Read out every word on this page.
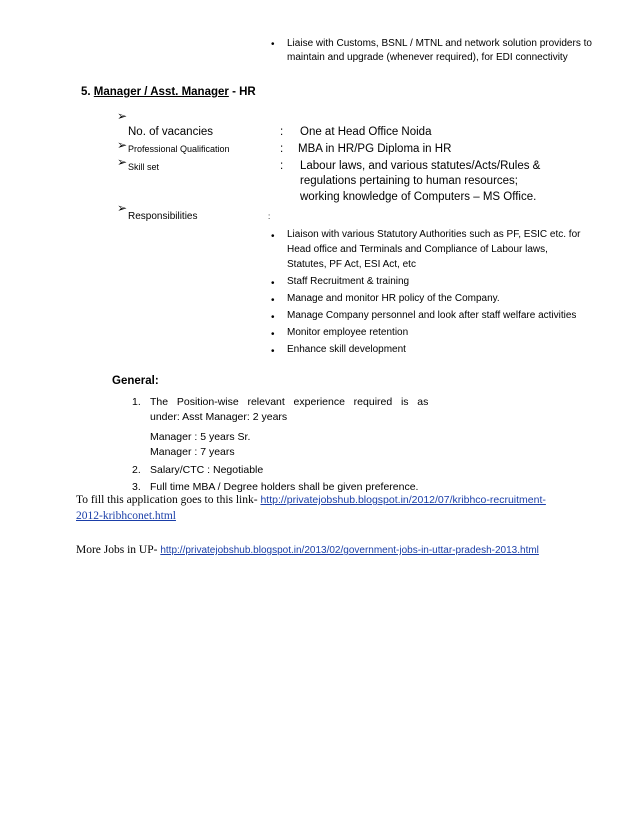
• Liaise with Customs, BSNL / MTNL and network solution providers to
maintain and upgrade (whenever required), for EDI connectivity
5. Manager / Asst. Manager - HR
➢
No. of vacancies	: One at Head Office Noida
➢ Professional Qualification	: MBA in HR/PG Diploma in HR
➢ Skill set	: Labour laws, and various statutes/Acts/Rules &
regulations pertaining to human resources;
working knowledge of Computers – MS Office.
➢
Responsibilities	:
• Liaison with various Statutory Authorities such as PF, ESIC etc. for
Head office and Terminals and Compliance of Labour laws,
Statutes, PF Act, ESI Act, etc
• Staff Recruitment & training
• Manage and monitor HR policy of the Company.
• Manage Company personnel and look after staff welfare activities
• Monitor employee retention
• Enhance skill development
General:
1. The   Position-wise   relevant   experience   required   is   as
under: Asst Manager: 2 years
Manager : 5 years Sr.
Manager : 7 years
2. Salary/CTC : Negotiable
3. Full time MBA / Degree holders shall be given preference.
To fill this application goes to this link- http://privatejobshub.blogspot.in/2012/07/kribhco-recruitment-
2012-kribhconet.html
More Jobs in UP- http://privatejobshub.blogspot.in/2013/02/government-jobs-in-uttar-pradesh-2013.html
